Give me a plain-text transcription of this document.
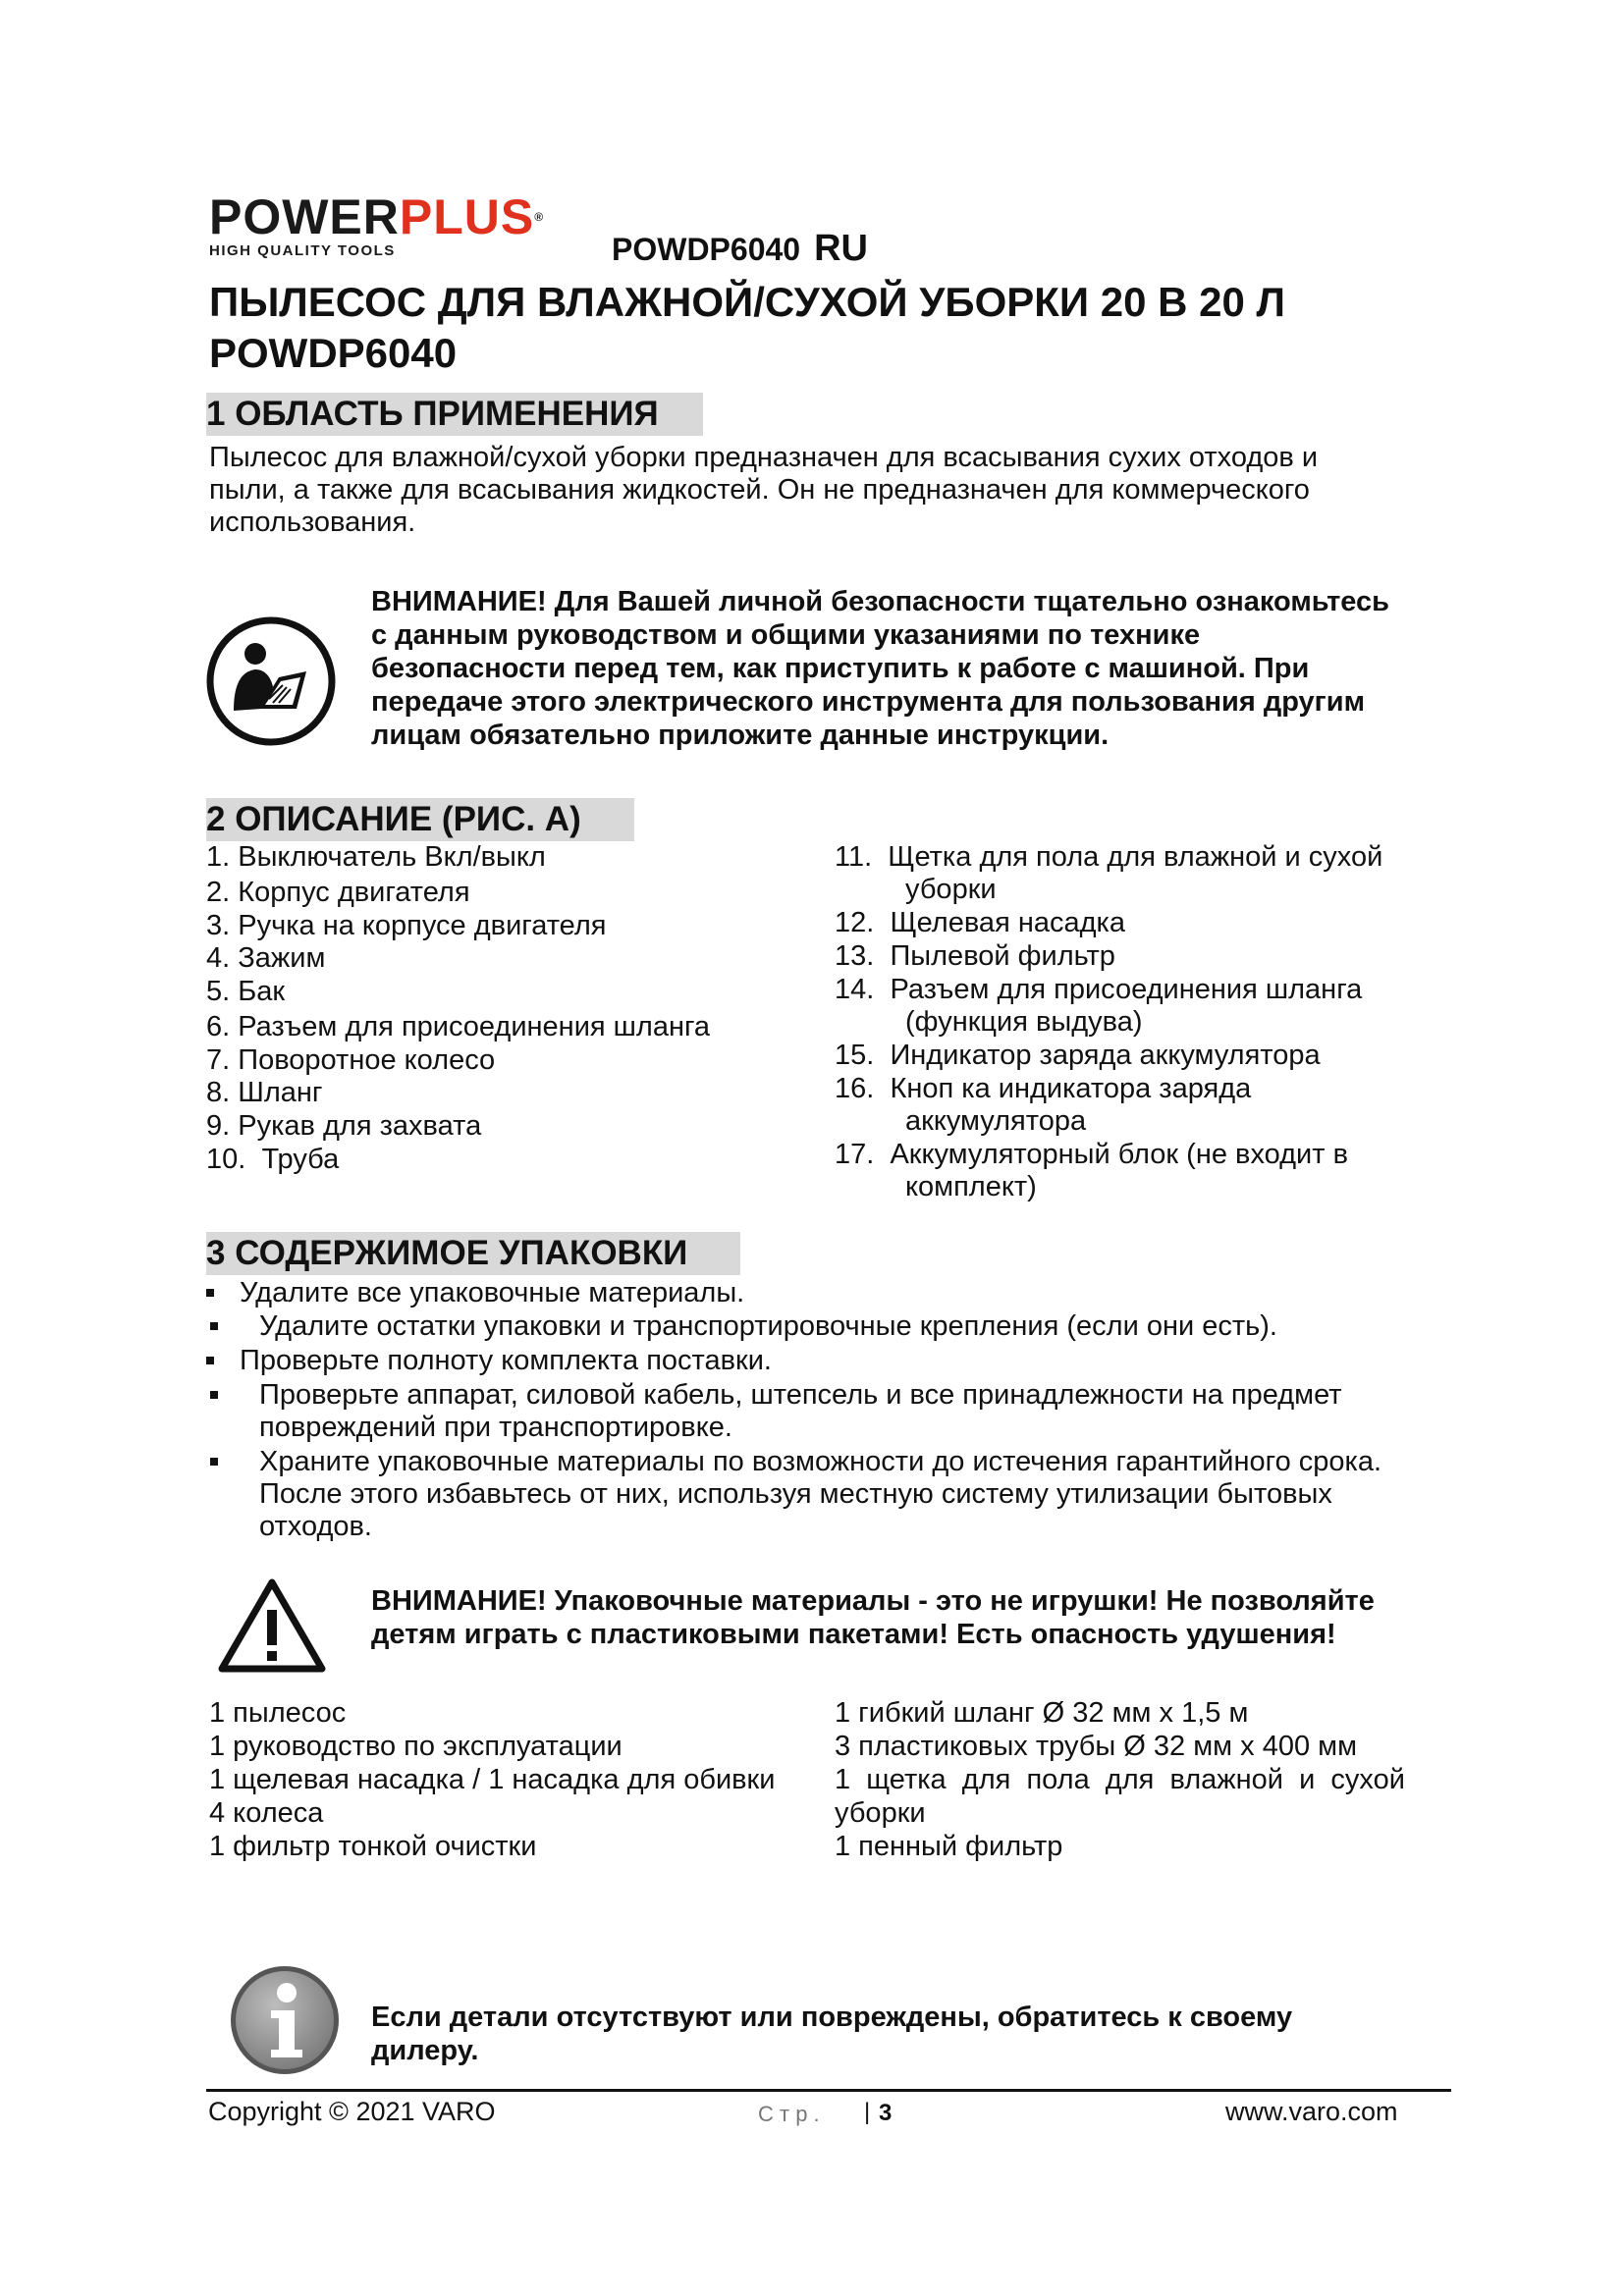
POWERPLUS®
HIGH QUALITY TOOLS	POWDP6040 RU
ПЫЛЕСОС ДЛЯ ВЛАЖНОЙ/СУХОЙ УБОРКИ 20 В 20 Л
POWDP6040
1 ОБЛАСТЬ ПРИМЕНЕНИЯ
Пылесос для влажной/сухой уборки предназначен для всасывания сухих отходов и
пыли, а также для всасывания жидкостей. Он не предназначен для коммерческого
использования.
ВНИМАНИЕ! Для Вашей личной безопасности тщательно ознакомьтесь
с данным руководством и общими указаниями по технике
безопасности перед тем, как приступить к работе с машиной. При
передаче этого электрического инструмента для пользования другим
лицам обязательно приложите данные инструкции.
2 ОПИСАНИЕ (РИС. A)
1. Выключатель Вкл/выкл
2. Корпус двигателя
3. Ручка на корпусе двигателя
4. Зажим
5. Бак
6. Разъем для присоединения шланга
7. Поворотное колесо
8. Шланг
9. Рукав для захвата
10. Труба
11. Щетка для пола для влажной и сухой
уборки
12. Щелевая насадка
13. Пылевой фильтр
14. Разъем для присоединения шланга
(функция выдува)
15. Индикатор заряда аккумулятора
16. Кноп ка индикатора заряда
аккумулятора
17. Аккумуляторный блок (не входит в
комплект)
3 СОДЕРЖИМОЕ УПАКОВКИ
Удалите все упаковочные материалы.
Удалите остатки упаковки и транспортировочные крепления (если они есть).
Проверьте полноту комплекта поставки.
Проверьте аппарат, силовой кабель, штепсель и все принадлежности на предмет
повреждений при транспортировке.
Храните упаковочные материалы по возможности до истечения гарантийного срока.
После этого избавьтесь от них, используя местную систему утилизации бытовых
отходов.
ВНИМАНИЕ! Упаковочные материалы - это не игрушки! Не позволяйте
детям играть с пластиковыми пакетами! Есть опасность удушения!
1 пылесос
1 руководство по эксплуатации
1 щелевая насадка / 1 насадка для обивки
4 колеса
1 фильтр тонкой очистки
1 гибкий шланг Ø 32 мм x 1,5 м
3 пластиковых трубы Ø 32 мм x 400 мм
1  щетка  для  пола  для  влажной  и  сухой
уборки
1 пенный фильтр
Если детали отсутствуют или повреждены, обратитесь к своему
дилеру.
Copyright © 2021 VARO	С т р . | 3	www.varo.com
